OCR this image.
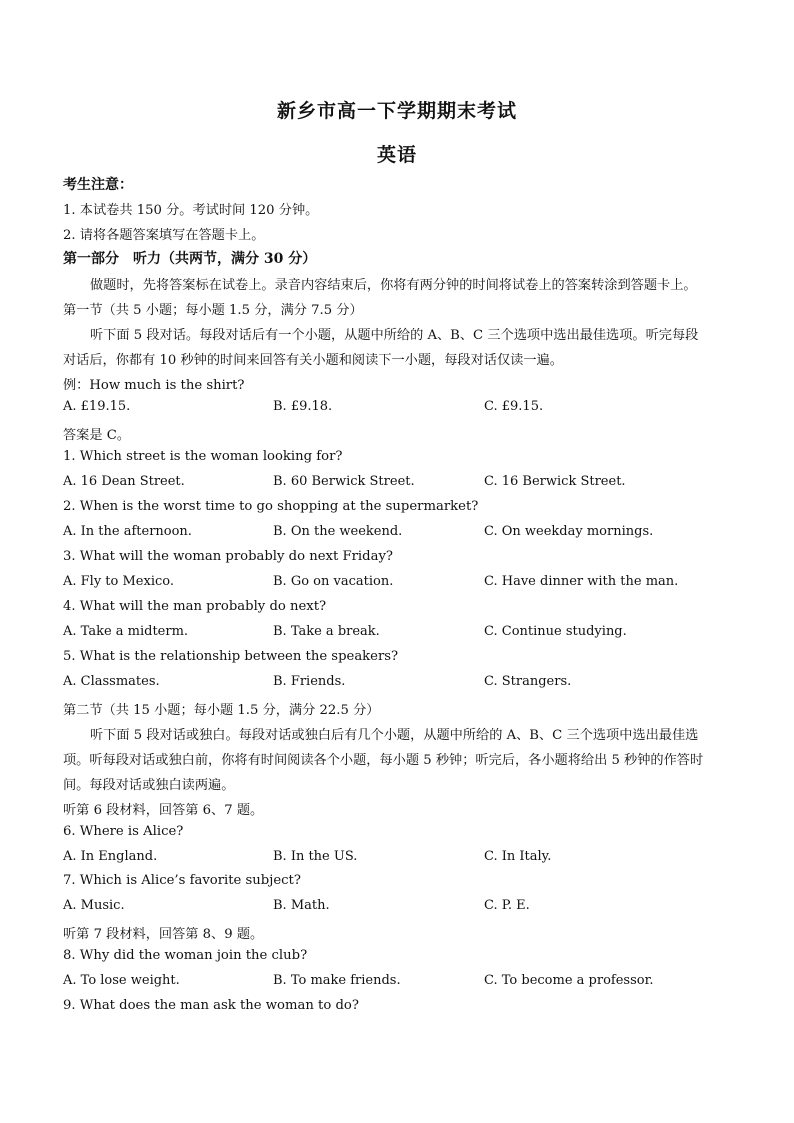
新乡市高一下学期期末考试
英语
考生注意：
1. 本试卷共 150 分。考试时间 120 分钟。
2. 请将各题答案填写在答题卡上。
第一部分　听力（共两节，满分 30 分）
做题时，先将答案标在试卷上。录音内容结束后，你将有两分钟的时间将试卷上的答案转涂到答题卡上。
第一节（共 5 小题；每小题 1.5 分，满分 7.5 分）
听下面 5 段对话。每段对话后有一个小题，从题中所给的 A、B、C 三个选项中选出最佳选项。听完每段
对话后，你都有 10 秒钟的时间来回答有关小题和阅读下一小题，每段对话仅读一遍。
例：How much is the shirt?
A. £19.15.	B. £9.18.	C. £9.15.
答案是 C。
1. Which street is the woman looking for?
A. 16 Dean Street.	B. 60 Berwick Street.	C. 16 Berwick Street.
2. When is the worst time to go shopping at the supermarket?
A. In the afternoon.	B. On the weekend.	C. On weekday mornings.
3. What will the woman probably do next Friday?
A. Fly to Mexico.	B. Go on vacation.	C. Have dinner with the man.
4. What will the man probably do next?
A. Take a midterm.	B. Take a break.	C. Continue studying.
5. What is the relationship between the speakers?
A. Classmates.	B. Friends.	C. Strangers.
第二节（共 15 小题；每小题 1.5 分，满分 22.5 分）
听下面 5 段对话或独白。每段对话或独白后有几个小题，从题中所给的 A、B、C 三个选项中选出最佳选
项。听每段对话或独白前，你将有时间阅读各个小题，每小题 5 秒钟；听完后，各小题将给出 5 秒钟的作答时
间。每段对话或独白读两遍。
听第 6 段材料，回答第 6、7 题。
6. Where is Alice?
A. In England.	B. In the US.	C. In Italy.
7. Which is Alice’s favorite subject?
A. Music.	B. Math.	C. P. E.
听第 7 段材料，回答第 8、9 题。
8. Why did the woman join the club?
A. To lose weight.	B. To make friends.	C. To become a professor.
9. What does the man ask the woman to do?
